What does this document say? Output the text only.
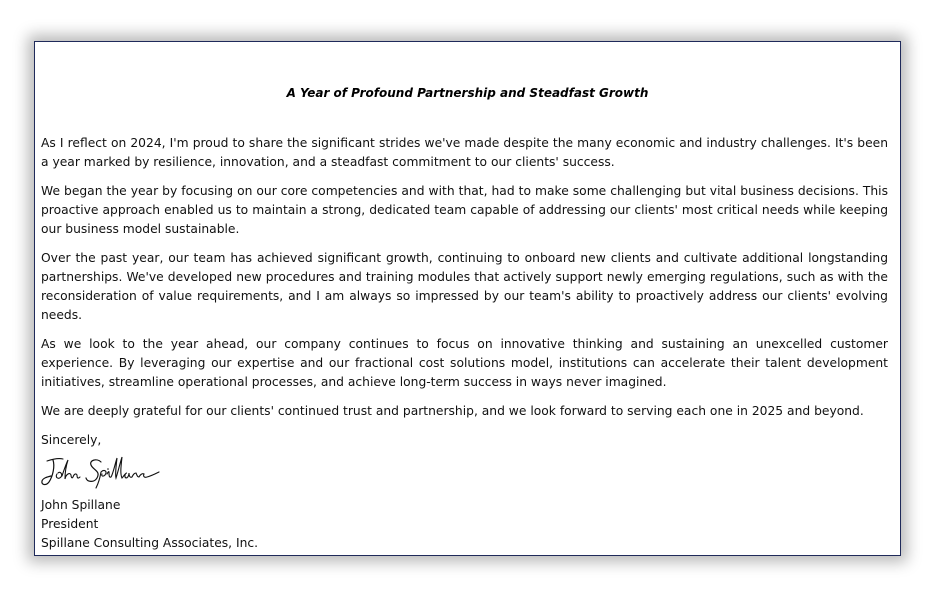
A Year of Profound Partnership and Steadfast Growth

As I reflect on 2024, I'm proud to share the significant strides we've made despite the many economic and industry challenges. It's been a year marked by resilience, innovation, and a steadfast commitment to our clients' success.

We began the year by focusing on our core competencies and with that, had to make some challenging but vital business decisions. This proactive approach enabled us to maintain a strong, dedicated team capable of addressing our clients' most critical needs while keeping our business model sustainable.

Over the past year, our team has achieved significant growth, continuing to onboard new clients and cultivate additional longstanding partnerships. We've developed new procedures and training modules that actively support newly emerging regulations, such as with the reconsideration of value requirements, and I am always so impressed by our team's ability to proactively address our clients' evolving needs.

As we look to the year ahead, our company continues to focus on innovative thinking and sustaining an unexcelled customer experience. By leveraging our expertise and our fractional cost solutions model, institutions can accelerate their talent development initiatives, streamline operational processes, and achieve long-term success in ways never imagined.

We are deeply grateful for our clients' continued trust and partnership, and we look forward to serving each one in 2025 and beyond.

Sincerely,

John Spillane

President

Spillane Consulting Associates, Inc.
